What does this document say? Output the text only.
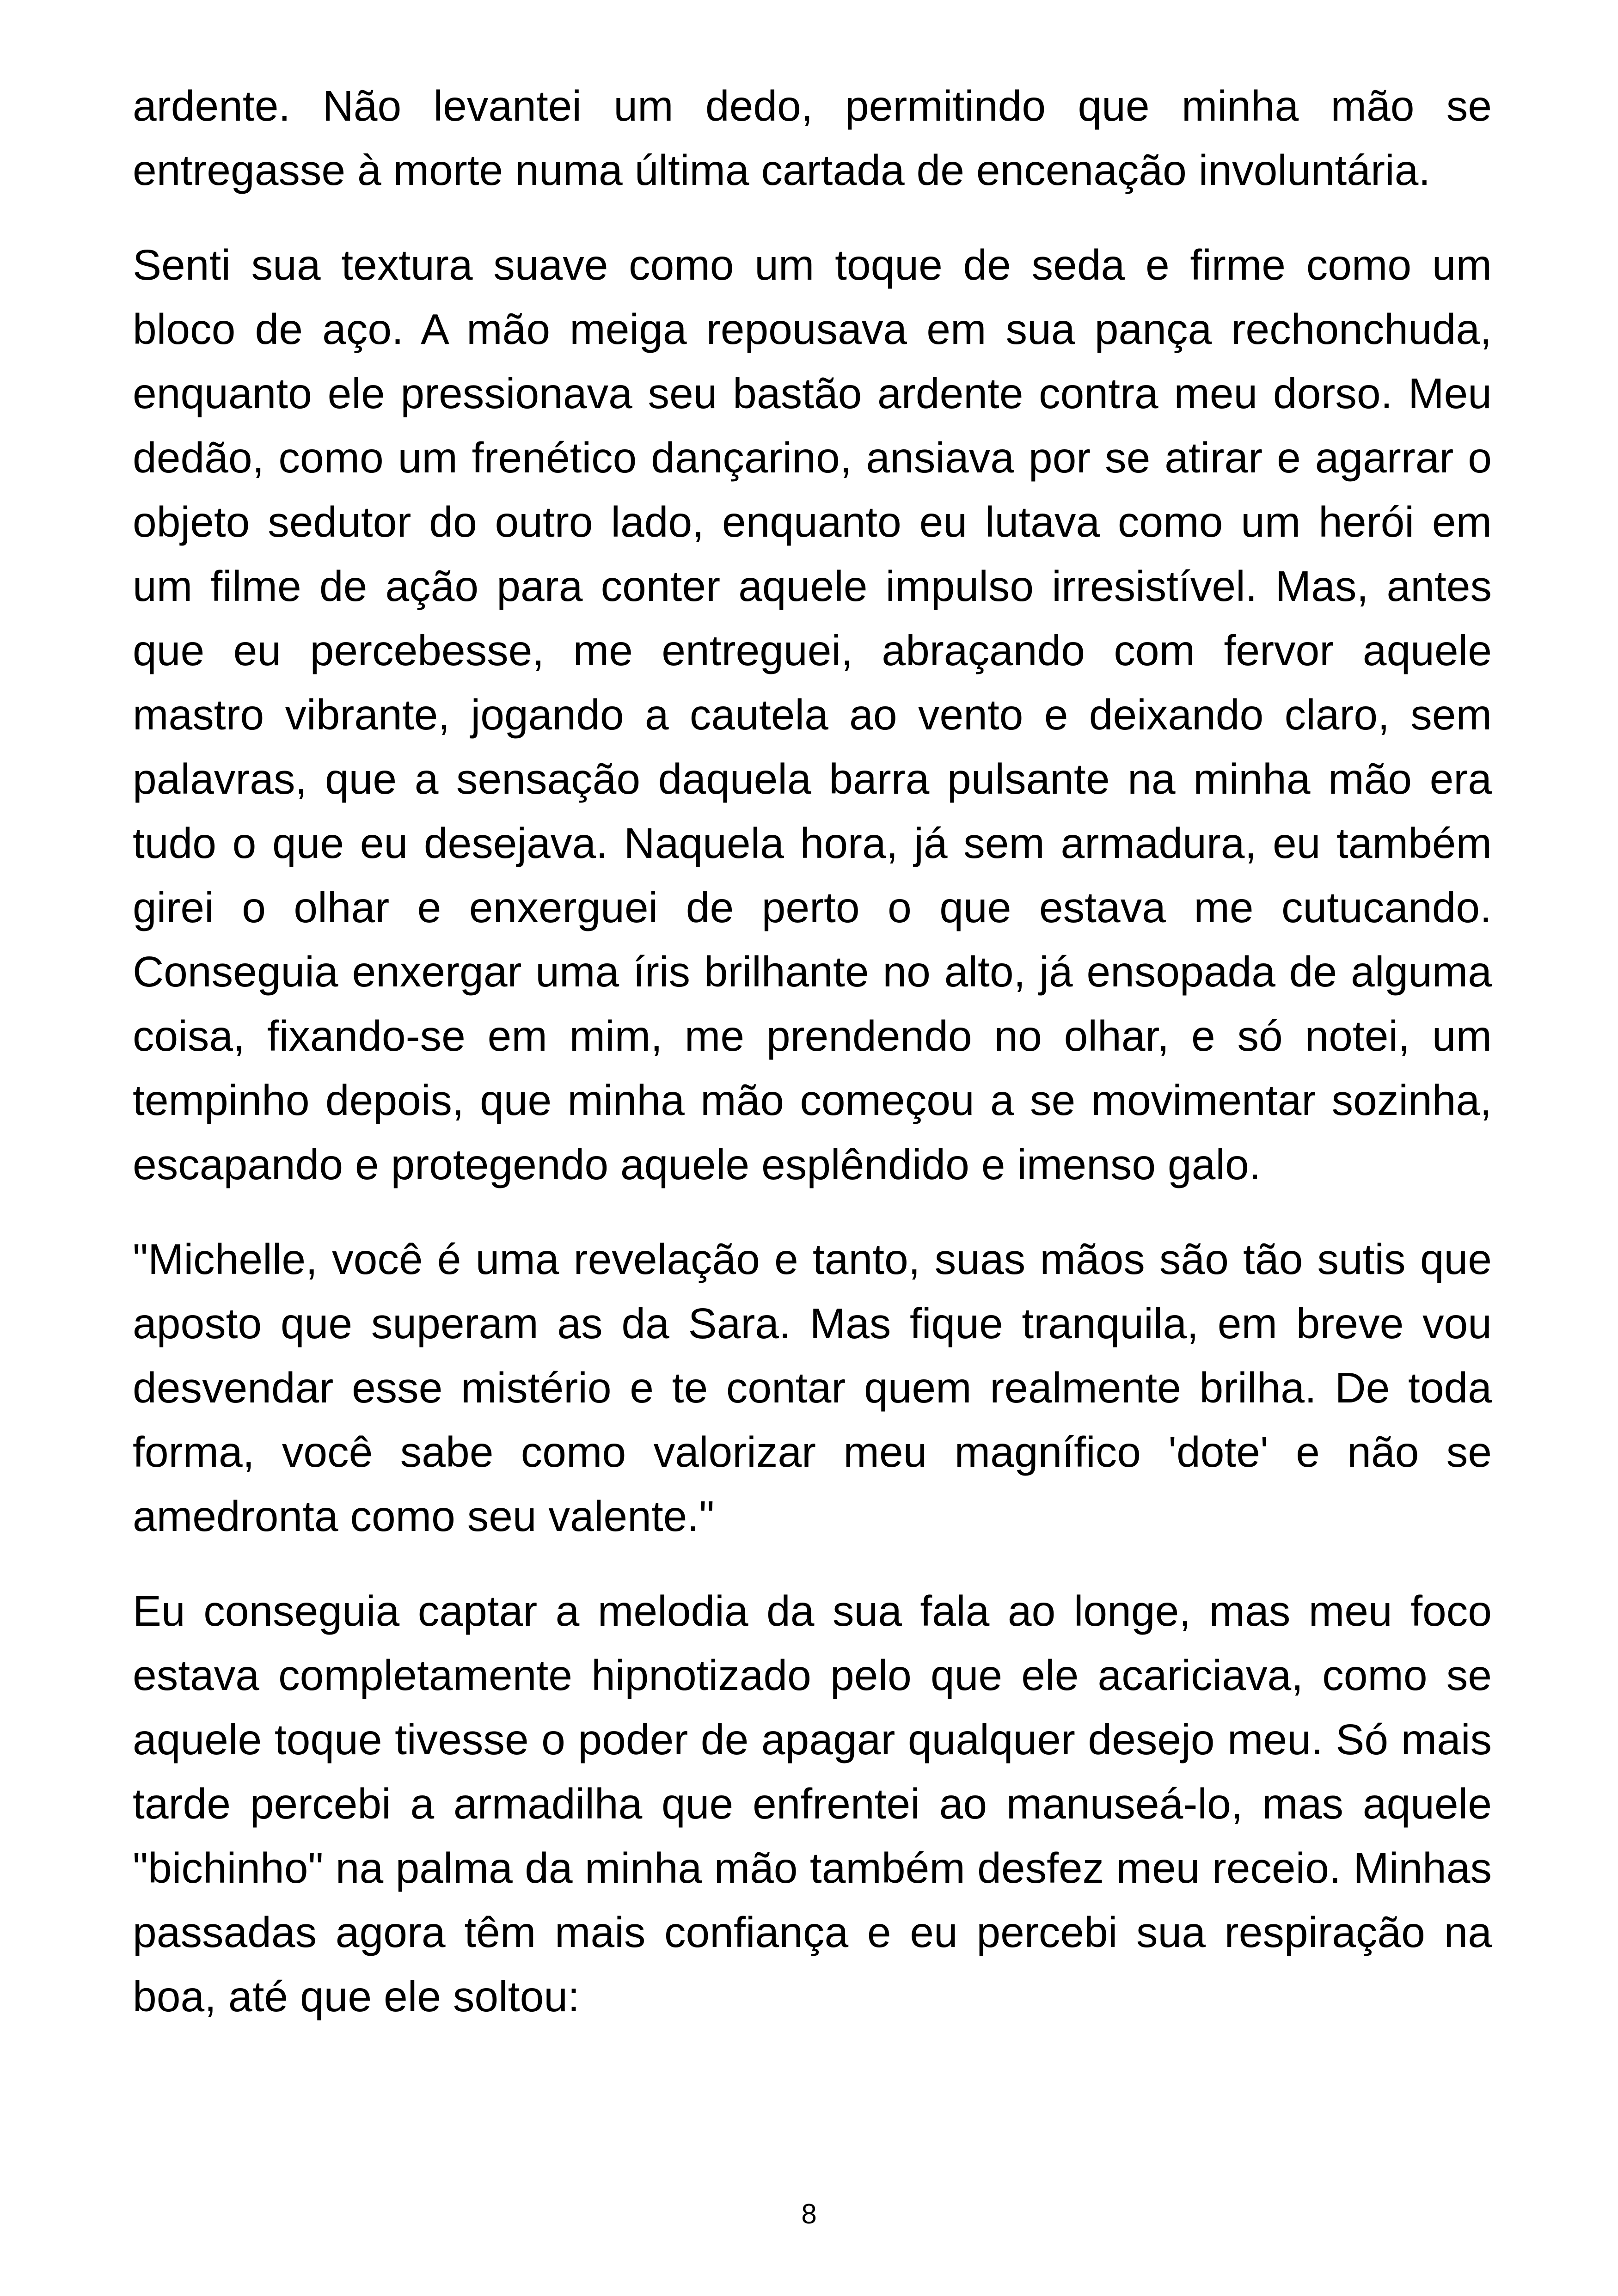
ardente. Não levantei um dedo, permitindo que minha mão se entregasse à morte numa última cartada de encenação involuntária.

Senti sua textura suave como um toque de seda e firme como um bloco de aço. A mão meiga repousava em sua pança rechonchuda, enquanto ele pressionava seu bastão ardente contra meu dorso. Meu dedão, como um frenético dançarino, ansiava por se atirar e agarrar o objeto sedutor do outro lado, enquanto eu lutava como um herói em um filme de ação para conter aquele impulso irresistível. Mas, antes que eu percebesse, me entreguei, abraçando com fervor aquele mastro vibrante, jogando a cautela ao vento e deixando claro, sem palavras, que a sensação daquela barra pulsante na minha mão era tudo o que eu desejava. Naquela hora, já sem armadura, eu também girei o olhar e enxerguei de perto o que estava me cutucando. Conseguia enxergar uma íris brilhante no alto, já ensopada de alguma coisa, fixando-se em mim, me prendendo no olhar, e só notei, um tempinho depois, que minha mão começou a se movimentar sozinha, escapando e protegendo aquele esplêndido e imenso galo.

"Michelle, você é uma revelação e tanto, suas mãos são tão sutis que aposto que superam as da Sara. Mas fique tranquila, em breve vou desvendar esse mistério e te contar quem realmente brilha. De toda forma, você sabe como valorizar meu magnífico 'dote' e não se amedronta como seu valente."

Eu conseguia captar a melodia da sua fala ao longe, mas meu foco estava completamente hipnotizado pelo que ele acariciava, como se aquele toque tivesse o poder de apagar qualquer desejo meu. Só mais tarde percebi a armadilha que enfrentei ao manuseá-lo, mas aquele "bichinho" na palma da minha mão também desfez meu receio. Minhas passadas agora têm mais confiança e eu percebi sua respiração na boa, até que ele soltou:

8
